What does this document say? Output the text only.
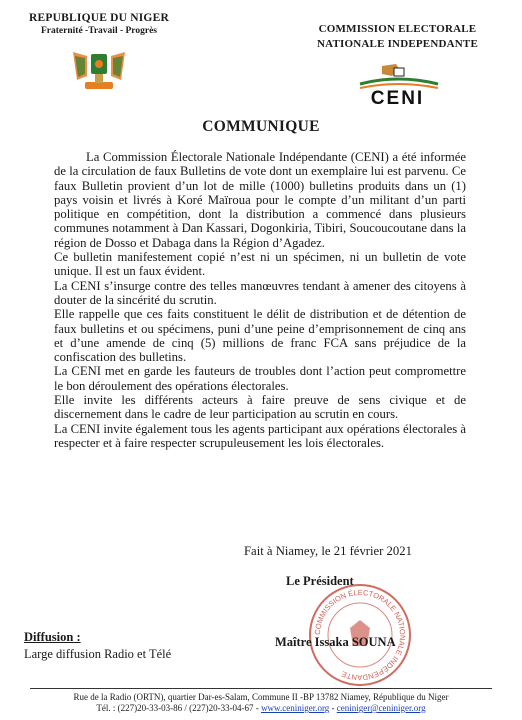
REPUBLIQUE DU NIGER
Fraternité -Travail - Progrès	COMMISSION ELECTORALE
NATIONALE INDEPENDANTE
CENI
COMMUNIQUE

La Commission Électorale Nationale Indépendante (CENI) a été informée de la circulation de faux Bulletins de vote dont un exemplaire lui est parvenu. Ce faux Bulletin provient d’un lot de mille (1000) bulletins produits dans un (1) pays voisin et livrés à Koré Maïroua pour le compte d’un militant d’un parti politique en compétition, dont la distribution a commencé dans plusieurs communes notamment à Dan Kassari, Dogonkiria, Tibiri, Soucoucoutane dans la région de Dosso et Dabaga dans la Région d’Agadez.

Ce bulletin manifestement copié n’est ni un spécimen, ni un bulletin de vote unique. Il est un faux évident.

La CENI s’insurge contre des telles manœuvres tendant à amener des citoyens à douter de la sincérité du scrutin.

Elle rappelle que ces faits constituent le délit de distribution et de détention de faux bulletins et ou spécimens, puni d’une peine d’emprisonnement de cinq ans et d’une amende de cinq (5) millions de franc FCA sans préjudice de la confiscation des bulletins.

La CENI met en garde les fauteurs de troubles dont l’action peut compromettre le bon déroulement des opérations électorales.

Elle invite les différents acteurs à faire preuve de sens civique et de discernement dans le cadre de leur participation au scrutin en cours.

La CENI invite également tous les agents participant aux opérations électorales à respecter et à faire respecter scrupuleusement les lois électorales.

Fait à Niamey, le 21 février 2021
COMMISSION ÉLECTORALE NATIONALE INDÉPENDANTE
Le Président
Maître Issaka SOUNA
Diffusion :
Large diffusion Radio et Télé
Rue de la Radio (ORTN), quartier Dar-es-Salam, Commune II -BP 13782 Niamey, République du Niger
Tél. : (227)20-33-03-86 / (227)20-33-04-67 - www.ceniniger.org - ceniniger@ceniniger.org
